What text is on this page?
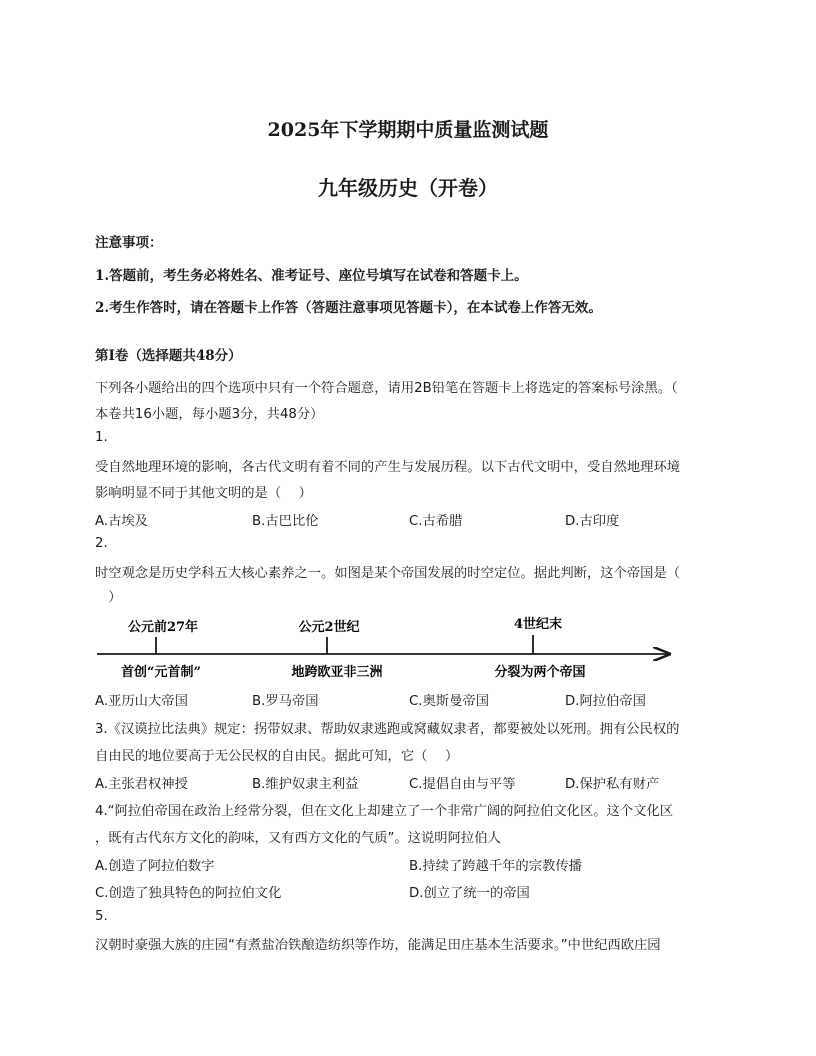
2025年下学期期中质量监测试题
九年级历史（开卷）
注意事项：
1.答题前，考生务必将姓名、准考证号、座位号填写在试卷和答题卡上。
2.考生作答时，请在答题卡上作答（答题注意事项见答题卡），在本试卷上作答无效。
第Ⅰ卷（选择题共48分）
下列各小题给出的四个选项中只有一个符合题意，请用2B铅笔在答题卡上将选定的答案标号涂黑。（
本卷共16小题，每小题3分，共48分）
1.
受自然地理环境的影响，各古代文明有着不同的产生与发展历程。以下古代文明中，受自然地理环境
影响明显不同于其他文明的是（　 ）
A.古埃及	B.古巴比伦	C.古希腊	D.古印度
2.
时空观念是历史学科五大核心素养之一。如图是某个帝国发展的时空定位。据此判断，这个帝国是（
　）
公元前27年	公元2世纪	4世纪末
首创“元首制”	地跨欧亚非三洲	分裂为两个帝国
A.亚历山大帝国	B.罗马帝国	C.奥斯曼帝国	D.阿拉伯帝国
3.《汉谟拉比法典》规定：拐带奴隶、帮助奴隶逃跑或窝藏奴隶者，都要被处以死刑。拥有公民权的
自由民的地位要高于无公民权的自由民。据此可知，它（　 ）
A.主张君权神授	B.维护奴隶主利益	C.提倡自由与平等	D.保护私有财产
4.“阿拉伯帝国在政治上经常分裂，但在文化上却建立了一个非常广阔的阿拉伯文化区。这个文化区
，既有古代东方文化的韵味，又有西方文化的气质”。这说明阿拉伯人
A.创造了阿拉伯数字	B.持续了跨越千年的宗教传播
C.创造了独具特色的阿拉伯文化	D.创立了统一的帝国
5.
汉朝时豪强大族的庄园“有煮盐冶铁酿造纺织等作坊，能满足田庄基本生活要求。”中世纪西欧庄园
